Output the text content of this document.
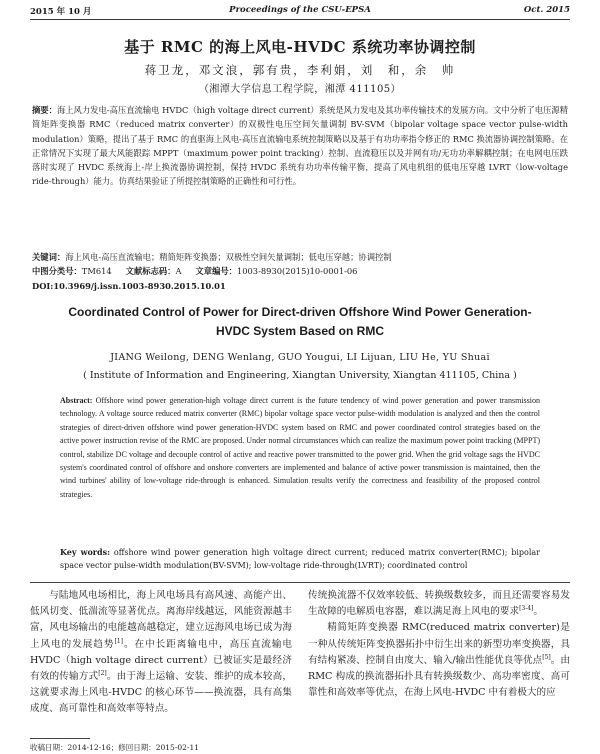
2015 年 10 月	Proceedings of the CSU-EPSA	Oct. 2015
基于 RMC 的海上风电-HVDC 系统功率协调控制
蒋卫龙，邓文浪，郭有贵，李利娟，刘　和，余　帅
（湘潭大学信息工程学院，湘潭 411105）
摘要：海上风力发电-高压直流输电 HVDC（high voltage direct current）系统是风力发电及其功率传输技术的发展方向。文中分析了电压源精简矩阵变换器 RMC（reduced matrix converter）的双极性电压空间矢量调制 BV-SVM（bipolar voltage space vector pulse-width modulation）策略，提出了基于 RMC 的直驱海上风电-高压直流输电系统控制策略以及基于有功功率指令修正的 RMC 换流器协调控制策略。在正常情况下实现了最大风能跟踪 MPPT（maximum power point tracking）控制、直流稳压以及并网有功/无功功率解耦控制；在电网电压跌落时实现了 HVDC 系统海上-岸上换流器协调控制，保持 HVDC 系统有功功率传输平衡，提高了风电机组的低电压穿越 LVRT（low-voltage ride-through）能力。仿真结果验证了所提控制策略的正确性和可行性。
关键词：海上风电-高压直流输电；精简矩阵变换器；双极性空间矢量调制；低电压穿越；协调控制
中图分类号：TM614 文献标志码：A 文章编号：1003-8930(2015)10-0001-06
DOI:10.3969/j.issn.1003-8930.2015.10.01
Coordinated Control of Power for Direct-driven Offshore Wind Power Generation-HVDC System Based on RMC
JIANG Weilong, DENG Wenlang, GUO Yougui, LI Lijuan, LIU He, YU Shuai
( Institute of Information and Engineering, Xiangtan University, Xiangtan 411105, China )
Abstract: Offshore wind power generation-high voltage direct current is the future tendency of wind power generation and power transmission technology. A voltage source reduced matrix converter (RMC) bipolar voltage space vector pulse-width modulation is analyzed and then the control strategies of direct-driven offshore wind power generation-HVDC system based on RMC and power coordinated control strategies based on the active power instruction revise of the RMC are proposed. Under normal circumstances which can realize the maximum power point tracking (MPPT) control, stabilize DC voltage and decouple control of active and reactive power transmitted to the power grid. When the grid voltage sags the HVDC system's coordinated control of offshore and onshore converters are implemented and balance of active power transmission is maintained, then the wind turbines' ability of low-voltage ride-through is enhanced. Simulation results verify the correctness and feasibility of the proposed control strategies.
Key words: offshore wind power generation high voltage direct current; reduced matrix converter(RMC); bipolar space vector pulse-width modulation(BV-SVM); low-voltage ride-through(LVRT); coordinated control

与陆地风电场相比，海上风电场具有高风速、高能产出、低风切变、低湍流等显著优点。离海岸线越远，风能资源越丰富，风电场输出的电能越高越稳定，建立远海风电场已成为海上风电的发展趋势[1]。在中长距离输电中，高压直流输电 HVDC（high voltage direct current）已被证实是最经济有效的传输方式[2]。由于海上运输、安装、维护的成本较高，这就要求海上风电-HVDC 的核心环节——换流器，具有高集成度、高可靠性和高效率等特点。

传统换流器不仅效率较低、转换级数较多，而且还需要容易发生故障的电解质电容器，难以满足海上风电的要求[3-4]。

精简矩阵变换器 RMC(reduced matrix converter)是一种从传统矩阵变换器拓扑中衍生出来的新型功率变换器，具有结构紧凑、控制自由度大、输入/输出性能优良等优点[5]。由 RMC 构成的换流器拓扑具有转换级数少、高功率密度、高可靠性和高效率等优点，在海上风电-HVDC 中有着极大的应

收稿日期：2014-12-16；修回日期：2015-02-11
